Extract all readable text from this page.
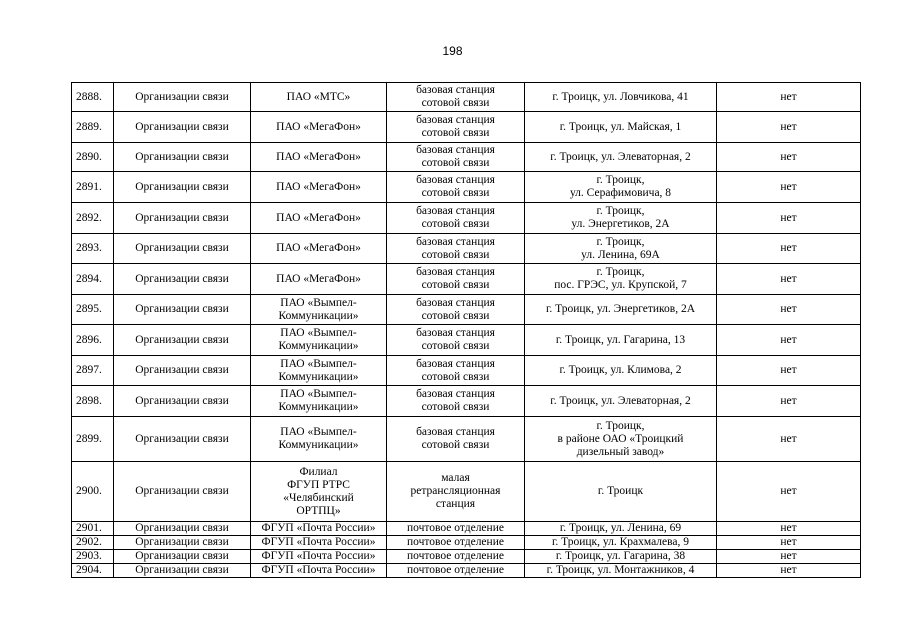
198
2888.	Организации связи	ПАО «МТС»	базовая станция
сотовой связи	г. Троицк, ул. Ловчикова, 41	нет
2889.	Организации связи	ПАО «МегаФон»	базовая станция
сотовой связи	г. Троицк, ул. Майская, 1	нет
2890.	Организации связи	ПАО «МегаФон»	базовая станция
сотовой связи	г. Троицк, ул. Элеваторная, 2	нет
2891.	Организации связи	ПАО «МегаФон»	базовая станция
сотовой связи	г. Троицк,
ул. Серафимовича, 8	нет
2892.	Организации связи	ПАО «МегаФон»	базовая станция
сотовой связи	г. Троицк,
ул. Энергетиков, 2А	нет
2893.	Организации связи	ПАО «МегаФон»	базовая станция
сотовой связи	г. Троицк,
ул. Ленина, 69А	нет
2894.	Организации связи	ПАО «МегаФон»	базовая станция
сотовой связи	г. Троицк,
пос. ГРЭС, ул. Крупской, 7	нет
2895.	Организации связи	ПАО «Вымпел-
Коммуникации»	базовая станция
сотовой связи	г. Троицк, ул. Энергетиков, 2А	нет
2896.	Организации связи	ПАО «Вымпел-
Коммуникации»	базовая станция
сотовой связи	г. Троицк, ул. Гагарина, 13	нет
2897.	Организации связи	ПАО «Вымпел-
Коммуникации»	базовая станция
сотовой связи	г. Троицк, ул. Климова, 2	нет
2898.	Организации связи	ПАО «Вымпел-
Коммуникации»	базовая станция
сотовой связи	г. Троицк, ул. Элеваторная, 2	нет
2899.	Организации связи	ПАО «Вымпел-
Коммуникации»	базовая станция
сотовой связи	г. Троицк,
в районе ОАО «Троицкий
дизельный завод»	нет
2900.	Организации связи	Филиал
ФГУП РТРС
«Челябинский
ОРТПЦ»	малая
ретрансляционная
станция	г. Троицк	нет
2901.	Организации связи	ФГУП «Почта России»	почтовое отделение	г. Троицк, ул. Ленина, 69	нет
2902.	Организации связи	ФГУП «Почта России»	почтовое отделение	г. Троицк, ул. Крахмалева, 9	нет
2903.	Организации связи	ФГУП «Почта России»	почтовое отделение	г. Троицк, ул. Гагарина, 38	нет
2904.	Организации связи	ФГУП «Почта России»	почтовое отделение	г. Троицк, ул. Монтажников, 4	нет
